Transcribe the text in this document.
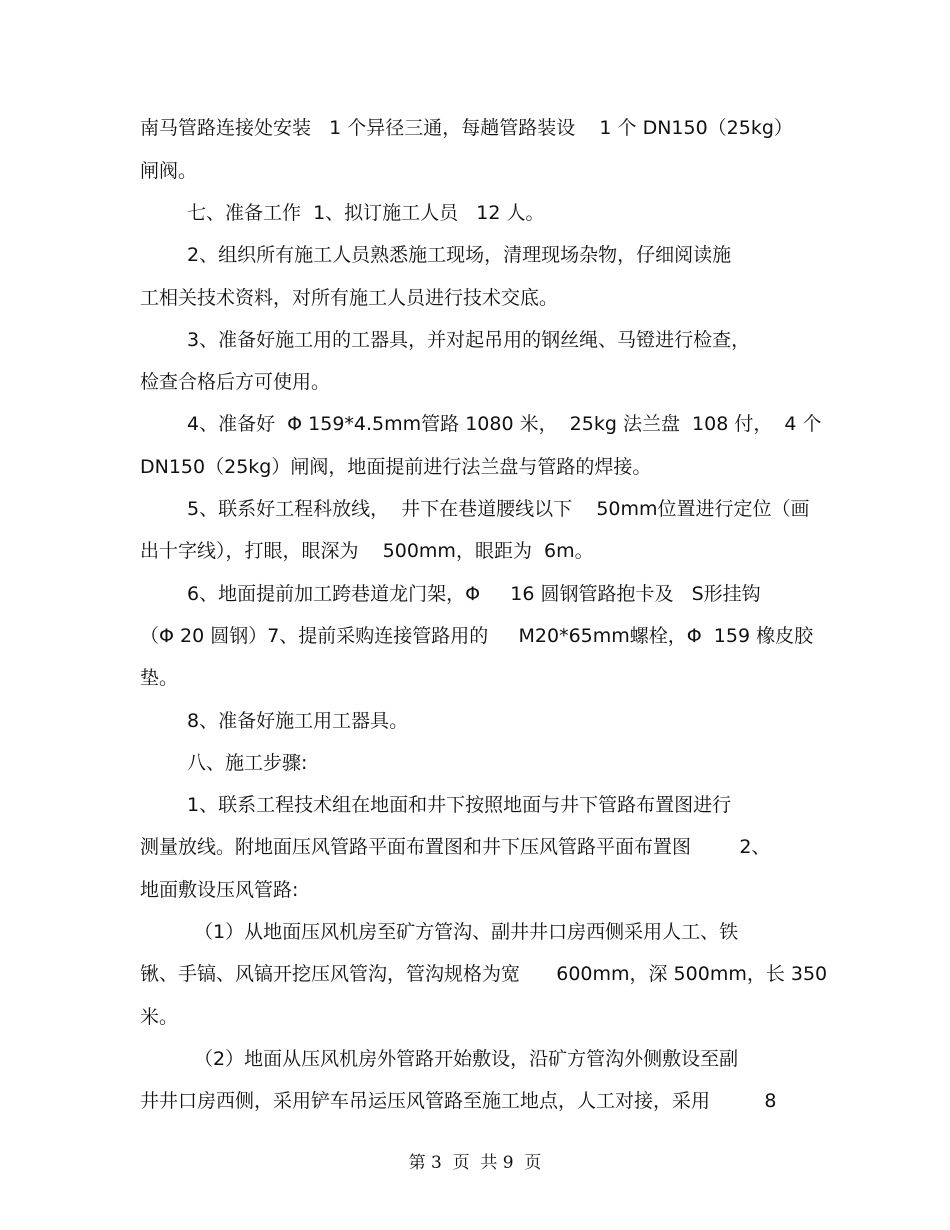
南马管路连接处安装   1 个异径三通，每趟管路装设    1 个 DN150（25kg）
闸阀。
七、准备工作  1、拟订施工人员   12 人。
2、组织所有施工人员熟悉施工现场，清理现场杂物，仔细阅读施
工相关技术资料，对所有施工人员进行技术交底。
3、准备好施工用的工器具，并对起吊用的钢丝绳、马镫进行检查，
检查合格后方可使用。
4、准备好  Φ 159*4.5mm管路 1080 米，  25kg 法兰盘  108 付，  4 个
DN150（25kg）闸阀，地面提前进行法兰盘与管路的焊接。
5、联系好工程科放线，  井下在巷道腰线以下    50mm位置进行定位（画
出十字线），打眼，眼深为    500mm，眼距为  6m。
6、地面提前加工跨巷道龙门架，Φ     16 圆钢管路抱卡及   S形挂钩
（Φ 20 圆钢）7、提前采购连接管路用的     M20*65mm螺栓，Φ  159 橡皮胶
垫。
8、准备好施工用工器具。
八、施工步骤:
1、联系工程技术组在地面和井下按照地面与井下管路布置图进行
测量放线。附地面压风管路平面布置图和井下压风管路平面布置图        2、
地面敷设压风管路:
（1）从地面压风机房至矿方管沟、副井井口房西侧采用人工、铁
锹、手镐、风镐开挖压风管沟，管沟规格为宽      600mm，深 500mm，长 350
米。
（2）地面从压风机房外管路开始敷设，沿矿方管沟外侧敷设至副
井井口房西侧，采用铲车吊运压风管路至施工地点，人工对接，采用         8
第 3  页  共 9  页
